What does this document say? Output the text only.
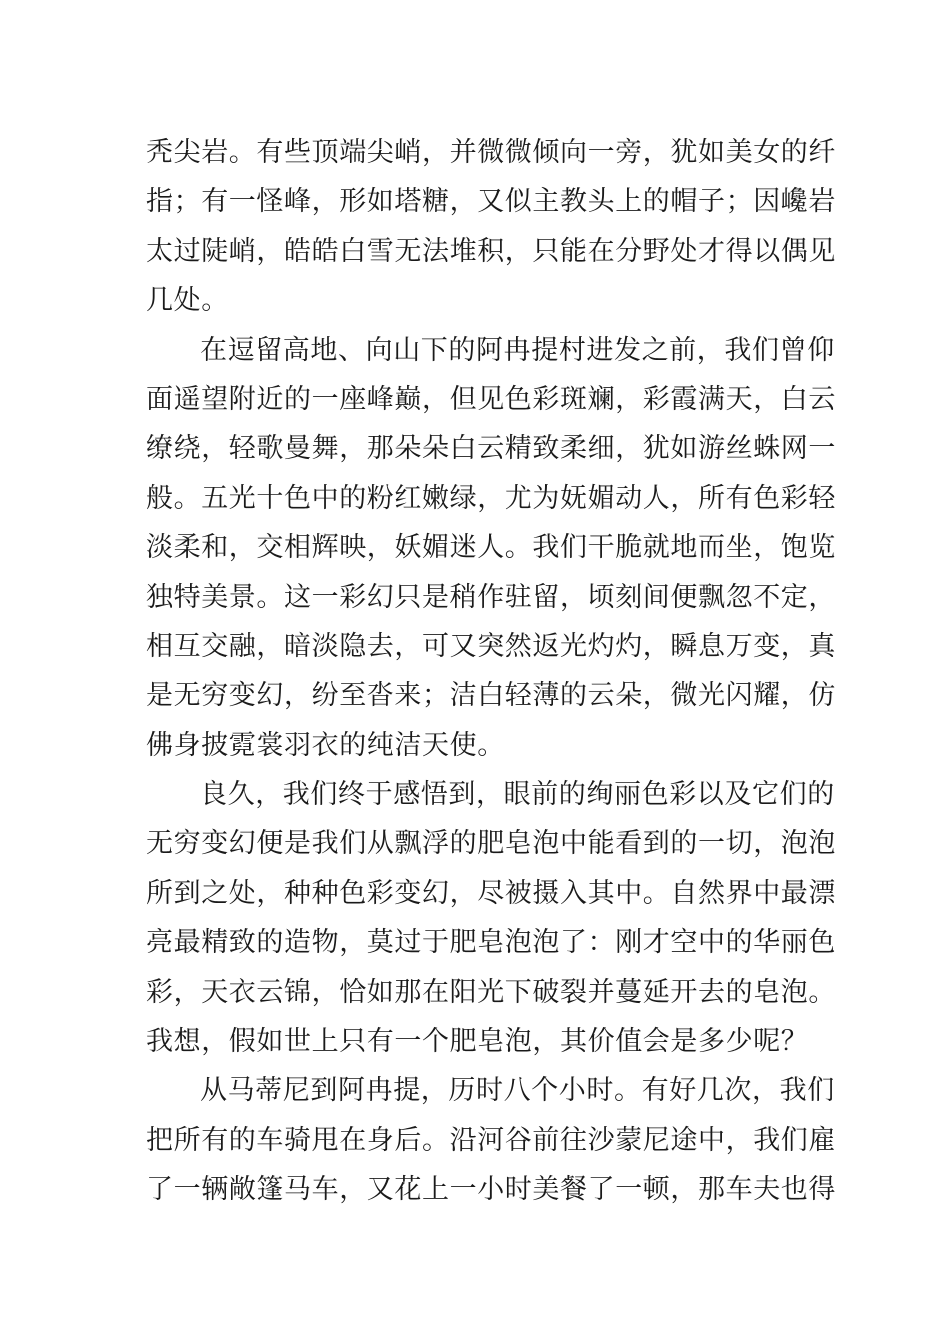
秃尖岩。有些顶端尖峭，并微微倾向一旁，犹如美女的纤
指；有一怪峰，形如塔糖，又似主教头上的帽子；因巉岩
太过陡峭，皓皓白雪无法堆积，只能在分野处才得以偶见
几处。
在逗留高地、向山下的阿冉提村进发之前，我们曾仰
面遥望附近的一座峰巅，但见色彩斑斓，彩霞满天，白云
缭绕，轻歌曼舞，那朵朵白云精致柔细，犹如游丝蛛网一
般。五光十色中的粉红嫩绿，尤为妩媚动人，所有色彩轻
淡柔和，交相辉映，妖媚迷人。我们干脆就地而坐，饱览
独特美景。这一彩幻只是稍作驻留，顷刻间便飘忽不定，
相互交融，暗淡隐去，可又突然返光灼灼，瞬息万变，真
是无穷变幻，纷至沓来；洁白轻薄的云朵，微光闪耀，仿
佛身披霓裳羽衣的纯洁天使。
良久，我们终于感悟到，眼前的绚丽色彩以及它们的
无穷变幻便是我们从飘浮的肥皂泡中能看到的一切，泡泡
所到之处，种种色彩变幻，尽被摄入其中。自然界中最漂
亮最精致的造物，莫过于肥皂泡泡了：刚才空中的华丽色
彩，天衣云锦，恰如那在阳光下破裂并蔓延开去的皂泡。
我想，假如世上只有一个肥皂泡，其价值会是多少呢？
从马蒂尼到阿冉提，历时八个小时。有好几次，我们
把所有的车骑甩在身后。沿河谷前往沙蒙尼途中，我们雇
了一辆敞篷马车，又花上一小时美餐了一顿，那车夫也得
